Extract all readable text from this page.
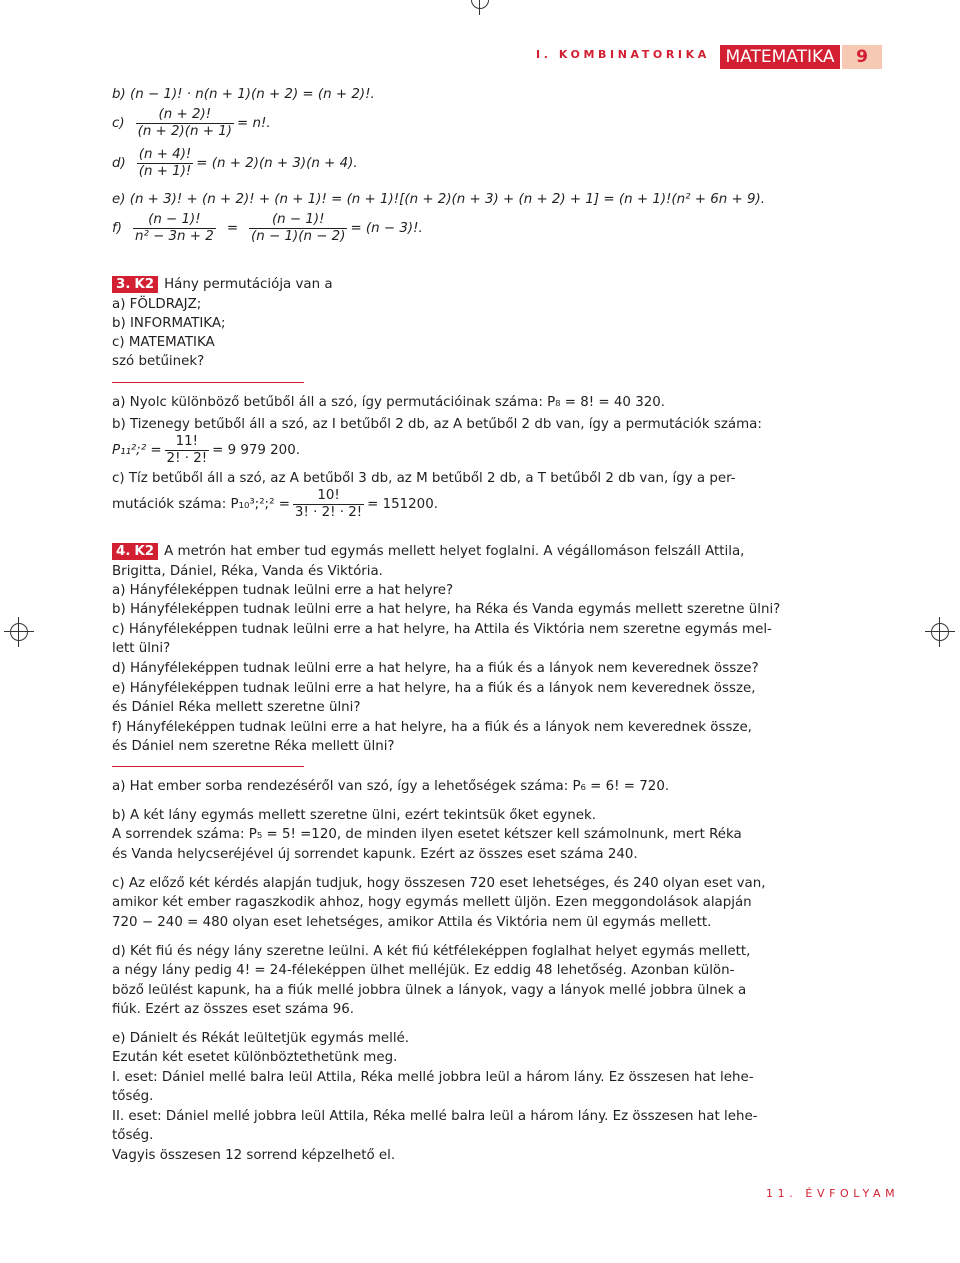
I. KOMBINATORIKA MATEMATIKA	9
b) (n − 1)! · n(n + 1)(n + 2) = (n + 2)!.
$c) \frac{(n + 2)!}{(n + 2)(n + 1)} = n$!.
$d) \frac{(n + 4)!}{(n + 1)!} = (n + 2)(n + 3)(n + 4)$.
e) (n + 3)! + (n + 2)! + (n + 1)! = (n + 1)![(n + 2)(n + 3) + (n + 2) + 1] = (n + 1)!(n² + 6n + 9).
$f) \frac{(n - 1)!}{\text{n² − 3n + 2}} = \frac{(n - 1)!}{(n - 1)(n - 2)} = (n - 3)$!.
3. K2 Hány permutációja van a
a) FÖLDRAJZ;
b) INFORMATIKA;
c) MATEMATIKA
szó betűinek?
a) Nyolc különböző betűből áll a szó, így permutációinak száma: P₈ = 8! = 40 320.
b) Tizenegy betűből áll a szó, az I betűből 2 db, az A betűből 2 db van, így a permutációk száma:
P₁₁²;² = $\frac{11!}{2! \cdot 2!} = 9$ 979 200.
c) Tíz betűből áll a szó, az A betűből 3 db, az M betűből 2 db, a T betűből 2 db van, így a per-
mutációk száma: P₁₀³;²;² = $\frac{10!}{3! \cdot 2! \cdot 2!} = 151200$.
4. K2 A metrón hat ember tud egymás mellett helyet foglalni. A végállomáson felszáll Attila,
Brigitta, Dániel, Réka, Vanda és Viktória.
a) Hányféleképpen tudnak leülni erre a hat helyre?
b) Hányféleképpen tudnak leülni erre a hat helyre, ha Réka és Vanda egymás mellett szeretne ülni?
c) Hányféleképpen tudnak leülni erre a hat helyre, ha Attila és Viktória nem szeretne egymás mel-
lett ülni?
d) Hányféleképpen tudnak leülni erre a hat helyre, ha a fiúk és a lányok nem keverednek össze?
e) Hányféleképpen tudnak leülni erre a hat helyre, ha a fiúk és a lányok nem keverednek össze,
és Dániel Réka mellett szeretne ülni?
f) Hányféleképpen tudnak leülni erre a hat helyre, ha a fiúk és a lányok nem keverednek össze,
és Dániel nem szeretne Réka mellett ülni?
a) Hat ember sorba rendezéséről van szó, így a lehetőségek száma: P₆ = 6! = 720.
b) A két lány egymás mellett szeretne ülni, ezért tekintsük őket egynek.
A sorrendek száma: P₅ = 5! =120, de minden ilyen esetet kétszer kell számolnunk, mert Réka
és Vanda helycseréjével új sorrendet kapunk. Ezért az összes eset száma 240.
c) Az előző két kérdés alapján tudjuk, hogy összesen 720 eset lehetséges, és 240 olyan eset van,
amikor két ember ragaszkodik ahhoz, hogy egymás mellett üljön. Ezen meggondolások alapján
720 − 240 = 480 olyan eset lehetséges, amikor Attila és Viktória nem ül egymás mellett.
d) Két fiú és négy lány szeretne leülni. A két fiú kétféleképpen foglalhat helyet egymás mellett,
a négy lány pedig 4! = 24-féleképpen ülhet melléjük. Ez eddig 48 lehetőség. Azonban külön-
böző leülést kapunk, ha a fiúk mellé jobbra ülnek a lányok, vagy a lányok mellé jobbra ülnek a
fiúk. Ezért az összes eset száma 96.
e) Dánielt és Rékát leültetjük egymás mellé.
Ezután két esetet különböztethetünk meg.
I. eset: Dániel mellé balra leül Attila, Réka mellé jobbra leül a három lány. Ez összesen hat lehe-
tőség.
II. eset: Dániel mellé jobbra leül Attila, Réka mellé balra leül a három lány. Ez összesen hat lehe-
tőség.
Vagyis összesen 12 sorrend képzelhető el.
11. ÉVFOLYAM
